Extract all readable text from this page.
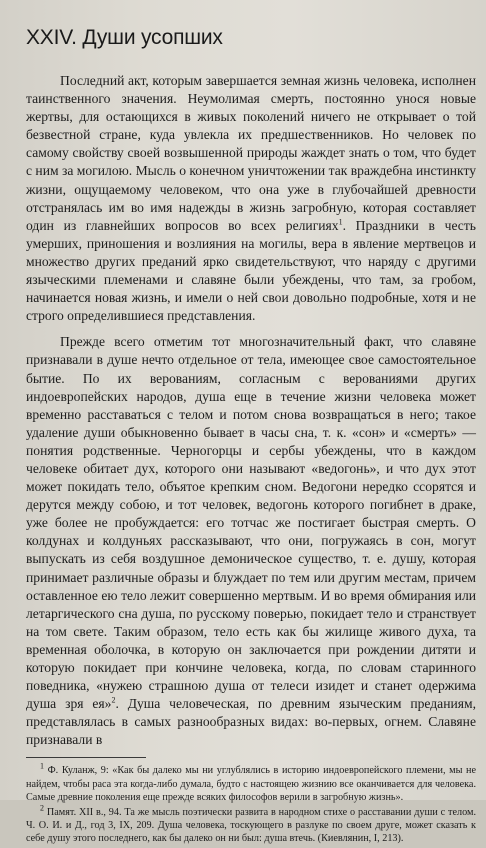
XXIV. Души усопших

Последний акт, которым завершается земная жизнь человека, исполнен таинственного значения. Неумолимая смерть, постоянно унося новые жертвы, для остающихся в живых поколений ничего не открывает о той безвестной стране, куда увлекла их предшественников. Но человек по самому свойству своей возвышенной природы жаждет знать о том, что будет с ним за могилою. Мысль о конечном уничтожении так враждебна инстинкту жизни, ощущаемому человеком, что она уже в глубочайшей древности отстранялась им во имя надежды в жизнь загробную, которая составляет один из главнейших вопросов во всех религиях$^1$. Праздники в честь умерших, приношения и возлияния на могилы, вера в явление мертвецов и множество других преданий ярко свидетельствуют, что наряду с другими языческими племенами и славяне были убеждены, что там, за гробом, начинается новая жизнь, и имели о ней свои довольно подробные, хотя и не строго определившиеся представления.

Прежде всего отметим тот многозначительный факт, что славяне признавали в душе нечто отдельное от тела, имеющее свое самостоятельное бытие. По их верованиям, согласным с верованиями других индоевропейских народов, душа еще в течение жизни человека может временно расставаться с телом и потом снова возвращаться в него; такое удаление души обыкновенно бывает в часы сна, т. к. «сон» и «смерть» — понятия родственные. Черногорцы и сербы убеждены, что в каждом человеке обитает дух, которого они называют «ведогонь», и что дух этот может покидать тело, объятое крепким сном. Ведогони нередко ссорятся и дерутся между собою, и тот человек, ведогонь которого погибнет в драке, уже более не пробуждается: его тотчас же постигает быстрая смерть. О колдунах и колдуньях рассказывают, что они, погружаясь в сон, могут выпускать из себя воздушное демоническое существо, т. е. душу, которая принимает различные образы и блуждает по тем или другим местам, причем оставленное ею тело лежит совершенно мертвым. И во время обмирания или летаргического сна душа, по русскому поверью, покидает тело и странствует на том свете. Таким образом, тело есть как бы жилище живого духа, та временная оболочка, в которую он заключается при рождении дитяти и которую покидает при кончине человека, когда, по словам старинного поведника, «нужею страшною душа от телеси изидет и станет одержима душа зря ея»$^2$. Душа человеческая, по древним языческим преданиям, представлялась в самых разнообразных видах: во-первых, огнем. Славяне признавали в

$^1$ Ф. Куланж, 9: «Как бы далеко мы ни углублялись в историю индоевропейского племени, мы не найдем, чтобы раса эта когда-либо думала, будто с настоящею жизнию все оканчивается для человека. Самые древние поколения еще прежде всяких философов верили в загробную жизнь».

$^2$ Памят. XII в., 94. Та же мысль поэтически развита в народном стихе о расставании души с телом. Ч. О. И. и Д., год 3, IX, 209. Душа человека, тоскующего в разлуке по своем друге, может сказать к себе душу этого последнего, как бы далеко он ни был: душа втечь. (Киевлянин, I, 213).
